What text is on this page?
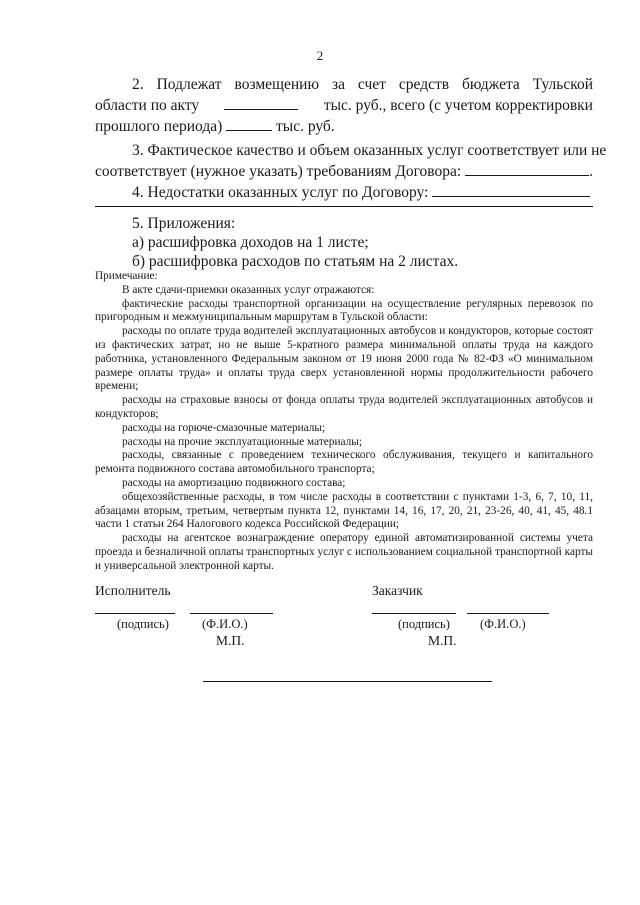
2
2. Подлежат возмещению за счет средств бюджета Тульской
области по акту	тыс. руб., всего (с учетом корректировки
прошлого периода)	тыс. руб.
3. Фактическое качество и объем оказанных услуг соответствует или не
соответствует (нужное указать) требованиям Договора:	.
4. Недостатки оказанных услуг по Договору:
5. Приложения:
а) расшифровка доходов на 1 листе;
б) расшифровка расходов по статьям на 2 листах.

Примечание:

В акте сдачи-приемки оказанных услуг отражаются:

фактические расходы транспортной организации на осуществление регулярных перевозок по пригородным и межмуниципальным маршрутам в Тульской области:

расходы по оплате труда водителей эксплуатационных автобусов и кондукторов, которые состоят из фактических затрат, но не выше 5-кратного размера минимальной оплаты труда на каждого работника, установленного Федеральным законом от 19 июня 2000 года № 82-ФЗ «О минимальном размере оплаты труда» и оплаты труда сверх установленной нормы продолжительности рабочего времени;

расходы на страховые взносы от фонда оплаты труда водителей эксплуатационных автобусов и кондукторов;

расходы на горюче-смазочные материалы;

расходы на прочие эксплуатационные материалы;

расходы, связанные с проведением технического обслуживания, текущего и капитального ремонта подвижного состава автомобильного транспорта;

расходы на амортизацию подвижного состава;

общехозяйственные расходы, в том числе расходы в соответствии с пунктами 1-3, 6, 7, 10, 11, абзацами вторым, третьим, четвертым пункта 12, пунктами 14, 16, 17, 20, 21, 23-26, 40, 41, 45, 48.1 части 1 статьи 264 Налогового кодекса Российской Федерации;

расходы на агентское вознаграждение оператору единой автоматизированной системы учета проезда и безналичной оплаты транспортных услуг с использованием социальной транспортной карты и универсальной электронной карты.

Исполнитель
(подпись)	(Ф.И.О.)
М.П.
Заказчик
(подпись) (Ф.И.О.)
М.П.
